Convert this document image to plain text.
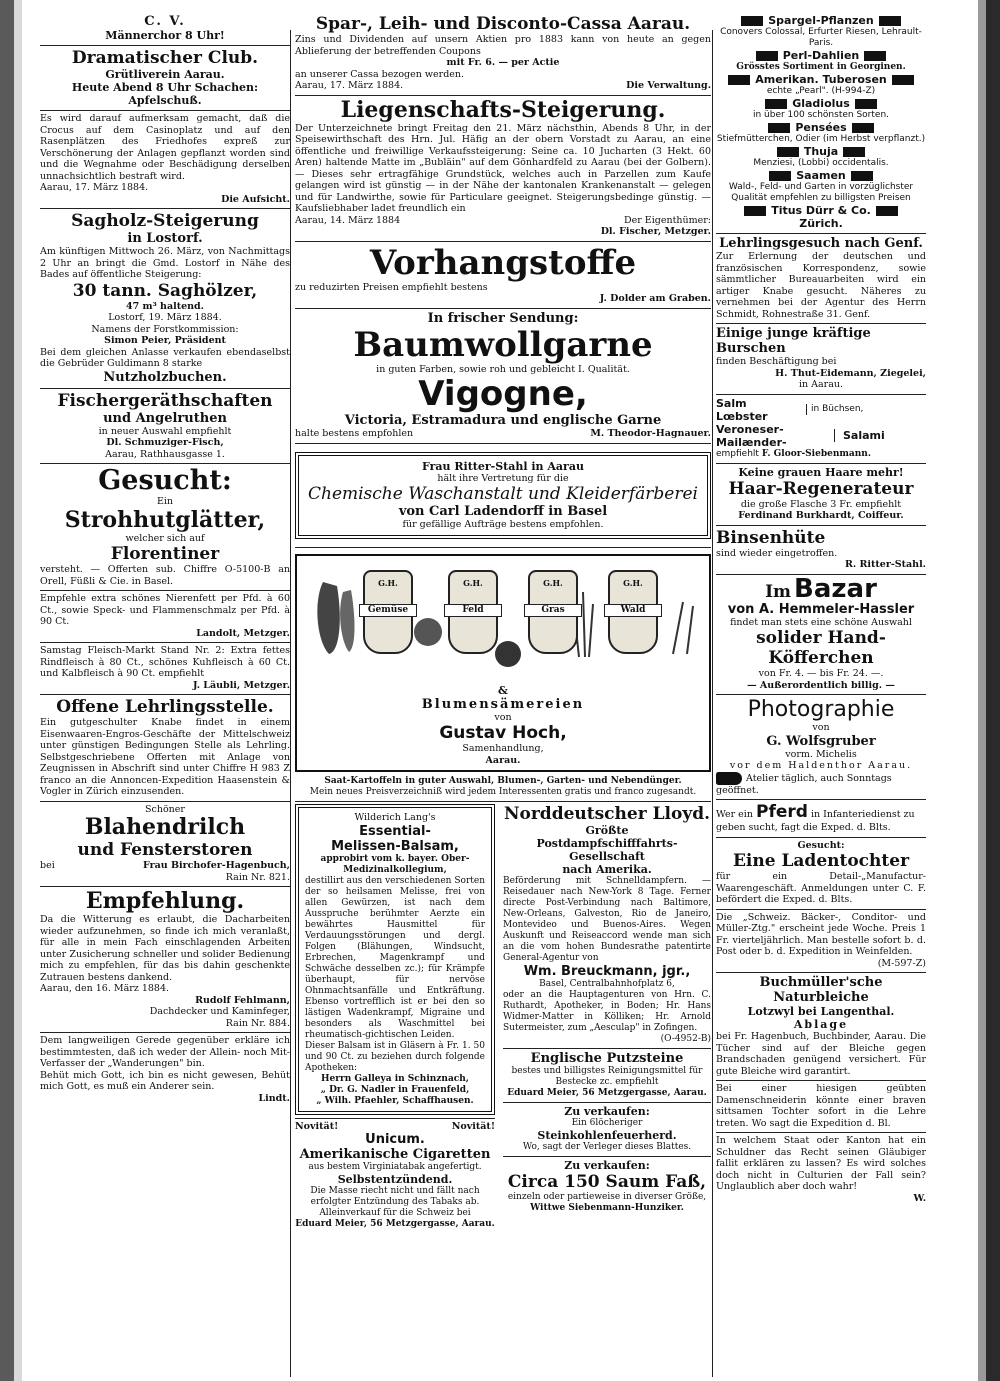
C. V.
Männerchor 8 Uhr!
Dramatischer Club.
Grütliverein Aarau.
Heute Abend 8 Uhr Schachen: Apfelschuß.
Es wird darauf aufmerksam gemacht, daß die Crocus auf dem Casinoplatz und auf den Rasenplätzen des Friedhofes expreß zur Verschönerung der Anlagen gepflanzt worden sind und die Wegnahme oder Beschädigung derselben unnachsichtlich bestraft wird.
Aarau, 17. März 1884.
Die Aufsicht.
Sagholz-Steigerung
in Lostorf.
Am künftigen Mittwoch 26. März, von Nachmittags 2 Uhr an bringt die Gmd. Lostorf in Nähe des Bades auf öffentliche Steigerung:
30 tann. Saghölzer,
47 m³ haltend.
Lostorf, 19. März 1884.
Namens der Forstkommission:
Simon Peier, Präsident
Bei dem gleichen Anlasse verkaufen ebendaselbst die Gebrüder Guldimann 8 starke
Nutzholzbuchen.
Fischergeräthschaften
und Angelruthen
in neuer Auswahl empfiehlt
Dl. Schmuziger-Fisch,
Aarau, Rathhausgasse 1.
Gesucht:
Ein
Strohhutglätter,
welcher sich auf
Florentiner
versteht. — Offerten sub. Chiffre O-5100-B an Orell, Füßli & Cie. in Basel.
Empfehle extra schönes Nierenfett per Pfd. à 60 Ct., sowie Speck- und Flammenschmalz per Pfd. à 90 Ct.
Landolt, Metzger.
Samstag Fleisch-Markt Stand Nr. 2: Extra fettes Rindfleisch à 80 Ct., schönes Kuhfleisch à 60 Ct. und Kalbfleisch à 90 Ct. empfiehlt
J. Läubli, Metzger.
Offene Lehrlingsstelle.
Ein gutgeschulter Knabe findet in einem Eisenwaaren-Engros-Geschäfte der Mittelschweiz unter günstigen Bedingungen Stelle als Lehrling. Selbstgeschriebene Offerten mit Anlage von Zeugnissen in Abschrift sind unter Chiffre H 983 Z franco an die Annoncen-Expedition Haasenstein & Vogler in Zürich einzusenden.
Schöner
Blahendrilch
und Fensterstoren
bei	Frau Birchofer-Hagenbuch,
Rain Nr. 821.
Empfehlung.
Da die Witterung es erlaubt, die Dacharbeiten wieder aufzunehmen, so finde ich mich veranlaßt, für alle in mein Fach einschlagenden Arbeiten unter Zusicherung schneller und solider Bedienung mich zu empfehlen, für das bis dahin geschenkte Zutrauen bestens dankend.
Aarau, den 16. März 1884.
Rudolf Fehlmann,
Dachdecker und Kaminfeger,
Rain Nr. 884.
Dem langweiligen Gerede gegenüber erkläre ich bestimmtesten, daß ich weder der Allein- noch Mit-Verfasser der „Wanderungen" bin.
Behüt mich Gott, ich bin es nicht gewesen, Behüt mich Gott, es muß ein Anderer sein.
Lindt.
Spar-, Leih- und Disconto-Cassa Aarau.
Zins und Dividenden auf unsern Aktien pro 1883 kann von heute an gegen Ablieferung der betreffenden Coupons
mit Fr. 6. — per Actie
an unserer Cassa bezogen werden.
Aarau, 17. März 1884.	Die Verwaltung.
Liegenschafts-Steigerung.
Der Unterzeichnete bringt Freitag den 21. März nächsthin, Abends 8 Uhr, in der Speisewirthschaft des Hrn. Jul. Häfig an der obern Vorstadt zu Aarau, an eine öffentliche und freiwillige Verkaufssteigerung: Seine ca. 10 Jucharten (3 Hekt. 60 Aren) haltende Matte im „Bubläin" auf dem Gönhardfeld zu Aarau (bei der Golbern). — Dieses sehr ertragfähige Grundstück, welches auch in Parzellen zum Kaufe gelangen wird ist günstig — in der Nähe der kantonalen Krankenanstalt — gelegen und für Landwirthe, sowie für Particulare geeignet. Steigerungsbedinge günstig. — Kaufsliebhaber ladet freundlich ein
Aarau, 14. März 1884	Der Eigenthümer:
Dl. Fischer, Metzger.
Vorhangstoffe
zu reduzirten Preisen empfiehlt bestens
J. Dolder am Graben.
In frischer Sendung:
Baumwollgarne
in guten Farben, sowie roh und gebleicht I. Qualität.
Vigogne,
Victoria, Estramadura und englische Garne
halte bestens empfohlen	M. Theodor-Hagnauer.
Frau Ritter-Stahl in Aarau
hält ihre Vertretung für die
Chemische Waschanstalt und Kleiderfärberei
von Carl Ladendorff in Basel
für gefällige Aufträge bestens empfohlen.
G.H.
Gemüse
G.H.
Feld
G.H.
Gras
G.H.
Wald
&
Blumensämereien
von
Gustav Hoch,
Samenhandlung,
Aarau.
Saat-Kartoffeln in guter Auswahl, Blumen-, Garten- und Nebendünger.
Mein neues Preisverzeichniß wird jedem Interessenten gratis und franco zugesandt.
Wilderich Lang's
Essential-
Melissen-Balsam,
approbirt vom k. bayer. Ober-Medizinalkollegium,
destillirt aus den verschiedenen Sorten der so heilsamen Melisse, frei von allen Gewürzen, ist nach dem Ausspruche berühmter Aerzte ein bewährtes Hausmittel für Verdauungsstörungen und dergl. Folgen (Blähungen, Windsucht, Erbrechen, Magenkrampf und Schwäche desselben zc.); für Krämpfe überhaupt, für nervöse Ohnmachtsanfälle und Entkräftung. Ebenso vortrefflich ist er bei den so lästigen Wadenkrampf, Migraine und besonders als Waschmittel bei rheumatisch-gichtischen Leiden.
Dieser Balsam ist in Gläsern à Fr. 1. 50 und 90 Ct. zu beziehen durch folgende Apotheken:
Herrn Galleya in Schinznach,
„ Dr. G. Nadler in Frauenfeld,
„ Wilh. Pfaehler, Schaffhausen.
Novität!	Novität!
Unicum.
Amerikanische Cigaretten
aus bestem Virginiatabak angefertigt.
Selbstentzündend.
Die Masse riecht nicht und fällt nach erfolgter Entzündung des Tabaks ab.
Alleinverkauf für die Schweiz bei
Eduard Meier, 56 Metzgergasse, Aarau.
Norddeutscher Lloyd.
Größte
Postdampfschifffahrts-Gesellschaft
nach Amerika.
Beförderung mit Schnelldampfern. — Reisedauer nach New-York 8 Tage. Ferner directe Post-Verbindung nach Baltimore, New-Orleans, Galveston, Rio de Janeiro, Montevideo und Buenos-Aires. Wegen Auskunft und Reiseaccord wende man sich an die vom hohen Bundesrathe patentirte General-Agentur von
Wm. Breuckmann, jgr.,
Basel, Centralbahnhofplatz 6,
oder an die Hauptagenturen von Hrn. C. Ruthardt, Apotheker, in Boden; Hr. Hans Widmer-Matter in Kölliken; Hr. Arnold Sutermeister, zum „Aesculap" in Zofingen.
(O-4952-B)
Englische Putzsteine
bestes und billigstes Reinigungsmittel für Bestecke zc. empfiehlt
Eduard Meier, 56 Metzgergasse, Aarau.
Zu verkaufen:
Ein 6löcheriger
Steinkohlenfeuerherd.
Wo, sagt der Verleger dieses Blattes.
Zu verkaufen:
Circa 150 Saum Faß,
einzeln oder partieweise in diverser Größe,
Wittwe Siebenmann-Hunziker.
Spargel-Pflanzen
Conovers Colossal, Erfurter Riesen, Lehrault-Paris.
Perl-Dahlien
Grösstes Sortiment in Georginen.
Amerikan. Tuberosen
echte „Pearl". (H-994-Z)
Gladiolus
in über 100 schönsten Sorten.
Pensées
Stiefmütterchen, Odier (im Herbst verpflanzt.)
Thuja
Menziesi, (Lobbi) occidentalis.
Saamen
Wald-, Feld- und Garten in vorzüglichster Qualität empfehlen zu billigsten Preisen
Titus Dürr & Co.
Zürich.
Lehrlingsgesuch nach Genf.
Zur Erlernung der deutschen und französischen Korrespondenz, sowie sämmtlicher Bureauarbeiten wird ein artiger Knabe gesucht. Näheres zu vernehmen bei der Agentur des Herrn Schmidt, Rohnestraße 31. Genf.
Einige junge kräftige Burschen
finden Beschäftigung bei
H. Thut-Eidemann, Ziegelei,
in Aarau.
Salm
Lœbster
in Büchsen,
Veroneser-
Mailænder-	Salami
empfiehlt F. Gloor-Siebenmann.
Keine grauen Haare mehr!
Haar-Regenerateur
die große Flasche 3 Fr. empfiehlt
Ferdinand Burkhardt, Coiffeur.
Binsenhüte
sind wieder eingetroffen.
R. Ritter-Stahl.
Im Bazar
von A. Hemmeler-Hassler
findet man stets eine schöne Auswahl
solider Hand-Köfferchen
von Fr. 4. — bis Fr. 24. —.
— Außerordentlich billig. —
Photographie
von
G. Wolfsgruber
vorm. Michelis
vor dem Haldenthor Aarau.
Atelier täglich, auch Sonntags geöffnet.
Wer ein Pferd in Infanteriedienst zu geben sucht, fagt die Exped. d. Blts.
Gesucht:
Eine Ladentochter
für ein Detail-„Manufactur-Waarengeschäft. Anmeldungen unter C. F. befördert die Exped. d. Blts.
Die „Schweiz. Bäcker-, Conditor- und Müller-Ztg." erscheint jede Woche. Preis 1 Fr. vierteljährlich. Man bestelle sofort b. d. Post oder b. d. Expedition in Weinfelden.
(M-597-Z)
Buchmüller'sche Naturbleiche
Lotzwyl bei Langenthal.
Ablage
bei Fr. Hagenbuch, Buchbinder, Aarau. Die Tücher sind auf der Bleiche gegen Brandschaden genügend versichert. Für gute Bleiche wird garantirt.
Bei einer hiesigen geübten Damenschneiderin könnte einer braven sittsamen Tochter sofort in die Lehre treten. Wo sagt die Expedition d. Bl.
In welchem Staat oder Kanton hat ein Schuldner das Recht seinen Gläubiger fallit erklären zu lassen? Es wird solches doch nicht in Culturien der Fall sein? Unglaublich aber doch wahr!
W.
